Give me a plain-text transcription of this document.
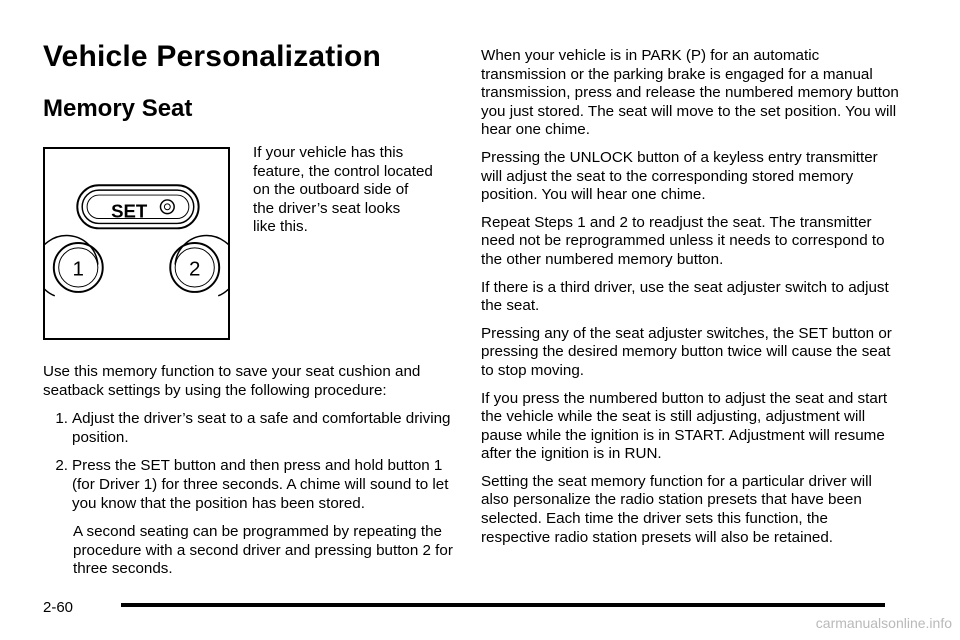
Vehicle Personalization
Memory Seat
SET
1	2

If your vehicle has this
feature, the control located
on the outboard side of
the driver’s seat looks
like this.

Use this memory function to save your seat cushion and seatback settings by using the following procedure:

1. Adjust the driver’s seat to a safe and comfortable driving position.
2. Press the SET button and then press and hold button 1 (for Driver 1) for three seconds. A chime will sound to let you know that the position has been stored.

A second seating can be programmed by repeating the procedure with a second driver and pressing button 2 for three seconds.

When your vehicle is in PARK (P) for an automatic transmission or the parking brake is engaged for a manual transmission, press and release the numbered memory button you just stored. The seat will move to the set position. You will hear one chime.

Pressing the UNLOCK button of a keyless entry transmitter will adjust the seat to the corresponding stored memory position. You will hear one chime.

Repeat Steps 1 and 2 to readjust the seat. The transmitter need not be reprogrammed unless it needs to correspond to the other numbered memory button.

If there is a third driver, use the seat adjuster switch to adjust the seat.

Pressing any of the seat adjuster switches, the SET button or pressing the desired memory button twice will cause the seat to stop moving.

If you press the numbered button to adjust the seat and start the vehicle while the seat is still adjusting, adjustment will pause while the ignition is in START. Adjustment will resume after the ignition is in RUN.

Setting the seat memory function for a particular driver will also personalize the radio station presets that have been selected. Each time the driver sets this function, the respective radio station presets will also be retained.

2-60
carmanualsonline.info
